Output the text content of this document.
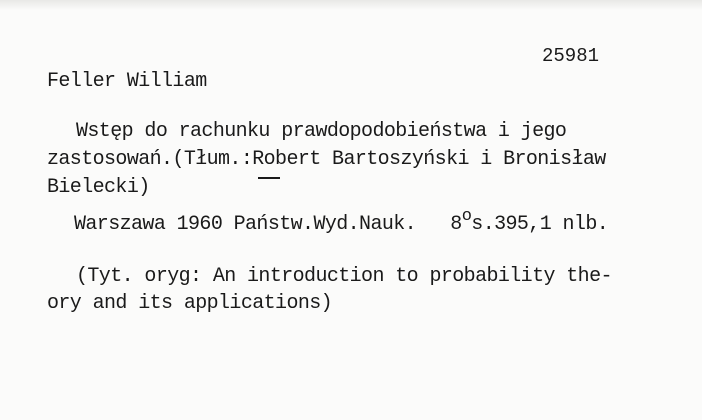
25981
Feller William
Wstęp do rachunku prawdopodobieństwa i jego
zastosowań.(Tłum.:Robert Bartoszyński i Bronisław
Bielecki)
Warszawa 1960 Państw.Wyd.Nauk. 8$^o$s.395,1 nlb.
(Tyt. oryg: An introduction to probability the-
ory and its applications)
